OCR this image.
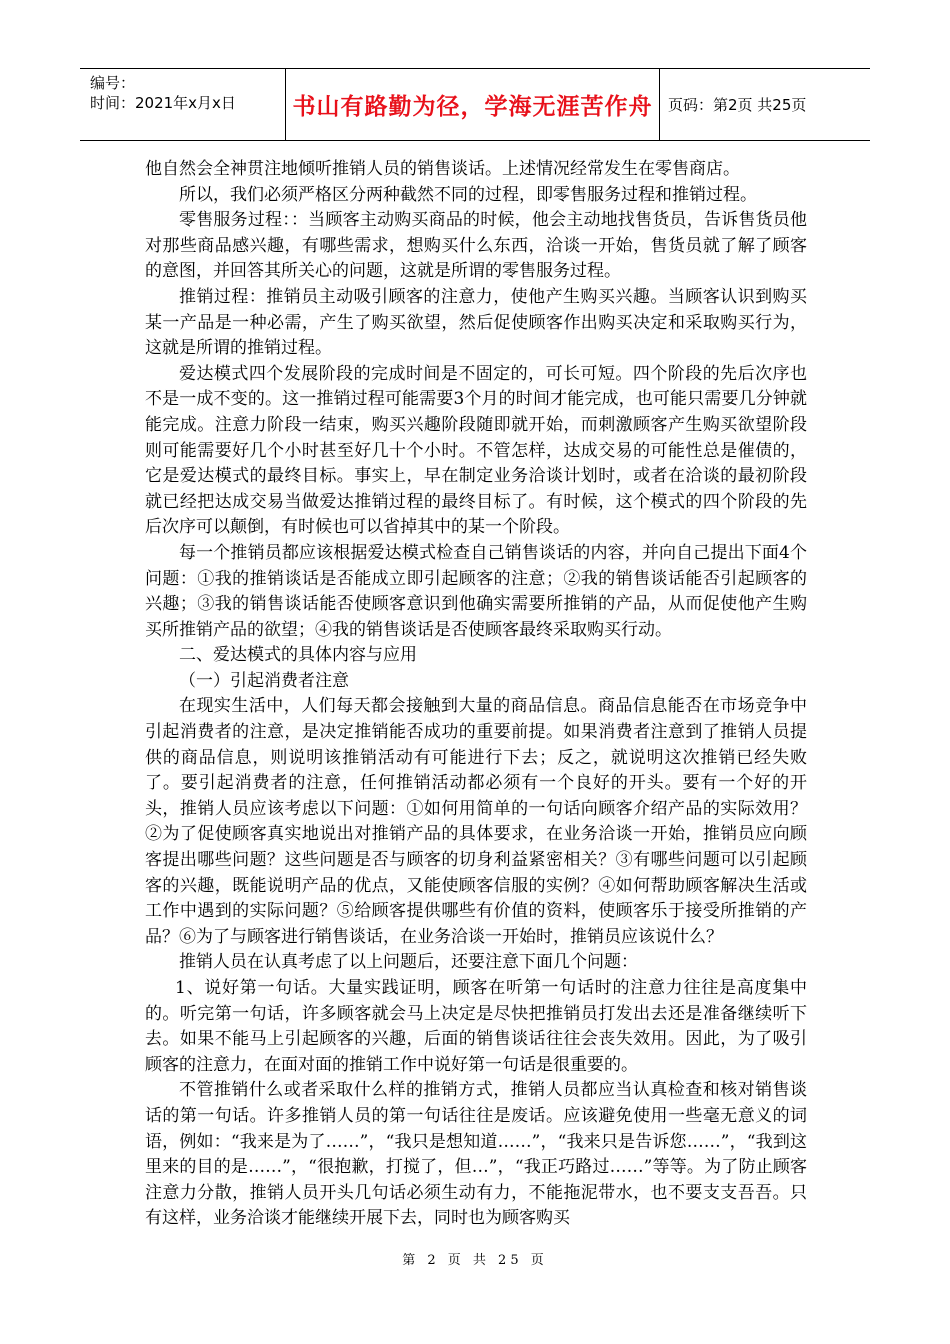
编号：
时间：2021年x月x日	书山有路勤为径，学海无涯苦作舟	页码：第2页 共25页

他自然会全神贯注地倾听推销人员的销售谈话。上述情况经常发生在零售商店。

所以，我们必须严格区分两种截然不同的过程，即零售服务过程和推销过程。

零售服务过程：：当顾客主动购买商品的时候，他会主动地找售货员，告诉售货员他对那些商品感兴趣，有哪些需求，想购买什么东西，洽谈一开始，售货员就了解了顾客的意图，并回答其所关心的问题，这就是所谓的零售服务过程。

推销过程：推销员主动吸引顾客的注意力，使他产生购买兴趣。当顾客认识到购买某一产品是一种必需，产生了购买欲望，然后促使顾客作出购买决定和采取购买行为，这就是所谓的推销过程。

爱达模式四个发展阶段的完成时间是不固定的，可长可短。四个阶段的先后次序也不是一成不变的。这一推销过程可能需要3个月的时间才能完成，也可能只需要几分钟就能完成。注意力阶段一结束，购买兴趣阶段随即就开始，而刺激顾客产生购买欲望阶段则可能需要好几个小时甚至好几十个小时。不管怎样，达成交易的可能性总是催债的，它是爱达模式的最终目标。事实上，早在制定业务洽谈计划时，或者在洽谈的最初阶段就已经把达成交易当做爱达推销过程的最终目标了。有时候，这个模式的四个阶段的先后次序可以颠倒，有时候也可以省掉其中的某一个阶段。

每一个推销员都应该根据爱达模式检查自己销售谈话的内容，并向自己提出下面4个问题：①我的推销谈话是否能成立即引起顾客的注意；②我的销售谈话能否引起顾客的兴趣；③我的销售谈话能否使顾客意识到他确实需要所推销的产品，从而促使他产生购买所推销产品的欲望；④我的销售谈话是否使顾客最终采取购买行动。

二、爱达模式的具体内容与应用

（一）引起消费者注意

在现实生活中，人们每天都会接触到大量的商品信息。商品信息能否在市场竞争中引起消费者的注意，是决定推销能否成功的重要前提。如果消费者注意到了推销人员提供的商品信息，则说明该推销活动有可能进行下去；反之，就说明这次推销已经失败了。要引起消费者的注意，任何推销活动都必须有一个良好的开头。要有一个好的开头，推销人员应该考虑以下问题：①如何用简单的一句话向顾客介绍产品的实际效用？②为了促使顾客真实地说出对推销产品的具体要求，在业务洽谈一开始，推销员应向顾客提出哪些问题？这些问题是否与顾客的切身利益紧密相关？③有哪些问题可以引起顾客的兴趣，既能说明产品的优点，又能使顾客信服的实例？④如何帮助顾客解决生活或工作中遇到的实际问题？⑤给顾客提供哪些有价值的资料，使顾客乐于接受所推销的产品？⑥为了与顾客进行销售谈话，在业务洽谈一开始时，推销员应该说什么？

推销人员在认真考虑了以上问题后，还要注意下面几个问题：

1、说好第一句话。大量实践证明，顾客在听第一句话时的注意力往往是高度集中的。听完第一句话，许多顾客就会马上决定是尽快把推销员打发出去还是准备继续听下去。如果不能马上引起顾客的兴趣，后面的销售谈话往往会丧失效用。因此，为了吸引顾客的注意力，在面对面的推销工作中说好第一句话是很重要的。

不管推销什么或者采取什么样的推销方式，推销人员都应当认真检查和核对销售谈话的第一句话。许多推销人员的第一句话往往是废话。应该避免使用一些毫无意义的词语，例如：“我来是为了……”，“我只是想知道……”，“我来只是告诉您……”，“我到这里来的目的是……”，“很抱歉，打搅了，但…”，“我正巧路过……”等等。为了防止顾客注意力分散，推销人员开头几句话必须生动有力，不能拖泥带水，也不要支支吾吾。只有这样，业务洽谈才能继续开展下去，同时也为顾客购买

第 2 页 共 25 页
